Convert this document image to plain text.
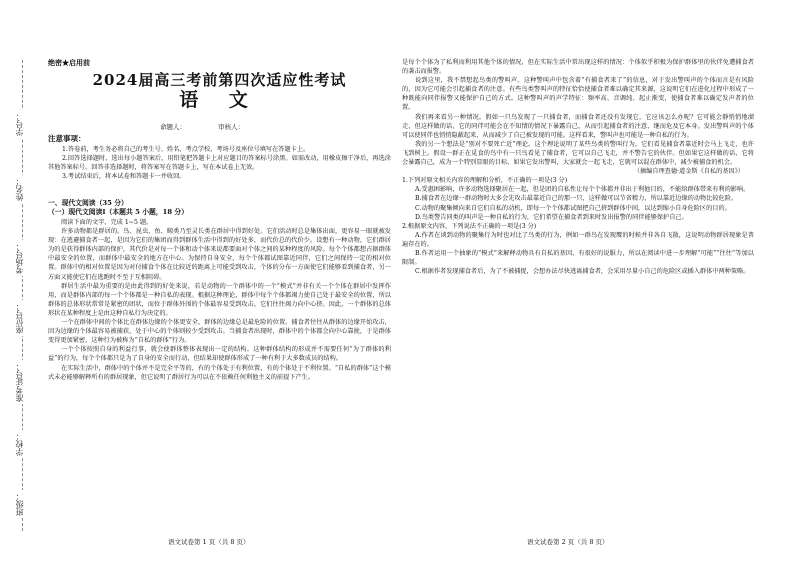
学号：
姓名：
考场号：
座位号：
准考证号：
学校：
班级：
绝密★启用前
2024届高三考前第四次适应性考试
语 文
命题人：	审核人：
注意事项：

1.答卷前，考生务必将自己的考生号、姓名、考点学校、考场号及座位号填写在答题卡上。

2.回答选择题时，选出每小题答案后，用铅笔把答题卡上对应题目的答案标号涂黑。如需改动，用橡皮擦干净后，再选涂其他答案标号。回答非选择题时，将答案写在答题卡上，写在本试卷上无效。

3.考试结束后，将本试卷和答题卡一并收回。

一、现代文阅读（35 分）
（一）现代文阅读Ⅰ（本题共 5 小题，18 分）

阅读下面的文字，完成 1~5 题。

许多动物都是群居的。鸟、昆虫、鱼、鲸类乃至灵长类在群居中得到好处。它们活动时总是集体出面，更容易一眼就被发现：在逃避捕食者一起，是因为它们的集团而得到群体生活中得到的好处多，而代价总的代价少。设想有一种动物，它们群居为的是获得群体内部的保护，其代价是对每一个体和动个体来说都要面对个体之间的某种程度的风险。每个个体都想占据群体中最安全的位置，而群体中最安全的地方在中心。为保持自身安全，每个个体都试图靠近同伴，它们之间保持一定的相对位置。群体中的相对位置是因为对付捕食个体在比较近的距离上可能受到攻击，个体的分布一方面使它们能够看到捕食者，另一方面又能使它们在逃跑时不至于互相阻碍。

群居生活中最为重要的是由此得到的好处来说，若是动物的一个群体中的一个“模式”并非有关一个个体在群居中发挥作用，而是群体内部的每一个个体都是一种自私的表现。根据这种理论，群体中每个个体都竭力使自己处于最安全的位置，所以群体的总体形状常常是紧密的团状，而位于群体外围的个体最容易受到攻击，它们往往竭力向中心挤。因此，一个群体的总体形状在某种程度上是由这种自私行为决定的。

一个在群体中间的个体比在群体边缘的个体更安全，群体的边缘总是最危险的位置。捕食者往往从群体的边缘开始攻击，因为边缘的个体最容易被捕获，处于中心的个体则较少受到攻击。当捕食者出现时，群体中的个体都会向中心靠拢，于是群体变得更加紧密，这种行为被称为“自私的群体”行为。

一个个体按照自身的利益行事，就会使群体整体表现出一定的结构。这种群体结构的形成并不需要任何“为了群体的利益”的行为，每个个体都只是为了自身的安全而行动，但结果却使群体形成了一种有利于大多数成员的结构。

在实际生活中，群体中的个体并不是完全平等的，有的个体处于有利位置，有的个体处于不利位置。“自私的群体”这个模式未必能够解释所有的群居现象，但它说明了群居行为可以在不依赖任何利他主义的前提下产生。

语文试卷第 1 页（共 8 页）

是每个个体为了私利而利用其他个体的情况，但在实际生活中常出现这样的情况：个体似乎积极为保护群体里的伙伴免遭捕食者的袭击而报警。

说到这里，我不禁想起鸟类的警叫声。这种警叫声中包含着“有捕食者来了”的信息，对于发出警叫声的个体而言是有风险的，因为它可能会引起捕食者的注意。有些鸟类警叫声的特征恰恰使捕食者难以确定其来源，这说明它们在进化过程中形成了一种既能向同伴报警又能保护自己的方式。这种警叫声的声学特征：频率高、音调纯、起止渐变，使捕食者难以确定发声者的位置。

我们再来看另一种情况。假如一只鸟发现了一只捕食者，而捕食者还没有发现它，它应该怎么办呢？它可能会静悄悄地溜走，但这样做的话，它的同伴可能会在不知情的情况下暴露自己，从而引起捕食者的注意，继而危及它本身。发出警叫声的个体可以使同伴也悄悄隐蔽起来，从而减少了自己被发现的可能。这样看来，警叫声也可能是一种自私的行为。

我的另一个想法是“别对不要死亡近”理论。这个理论说明了某些鸟类的警叫行为，它们看见捕食者靠近时会马上飞走，也许飞到树上。假设一群正在觅食的鸟中有一只鸟看见了捕食者，它可以自己飞走，并不警告它的伙伴。但如果它这样做的话，它将会暴露自己，成为一个特别显眼的目标，如果它发出警叫，大家就会一起飞走，它就可以混在群体中，减少被捕食的机会。

（摘编自理查德·道金斯《自私的基因》）

1.下列对原文相关内容的理解和分析，不正确的一项是(3 分)

A.受惠困影响，许多动物选择聚居在一起，但是团的自私性让每个个体都并非出于利他目的，不能给群体带来有利的影响。

B.捕食者在边缘一群动物时大多会先攻击最靠近自己的那一只，这样做可以节省精力，所以靠近边缘的动物比较危险。

C.动物的聚集倾向来自它们自私的动机，即每一个个体都试图把自己挤到群体中间，以达到缩小自身危险区的目的。

D.鸟类警告同类的叫声是一种自私的行为，它们希望在捕食者到来时发出报警的同伴能够保护自己。

2.根据原文内容，下列说法不正确的一项是(3 分)

A.作者在谈到动物的聚集行为时也对比了鸟类的行为，例如一群鸟在发现鹰的时候并非各自飞散，这说明动物群居现象是普遍存在的。

B.作者运用一个抽象的“模式”来解释动物具有自私的基因，有很好的说服力，所以在阅读中进一步理解“可能”“往往”等加以限制。

C.根据作者发现捕食者后，为了不被捕捉，会想办法尽快逃离捕食者，会采用尽量小自己的危险区或插入群体中两种策略。

语文试卷第 2 页（共 8 页）
